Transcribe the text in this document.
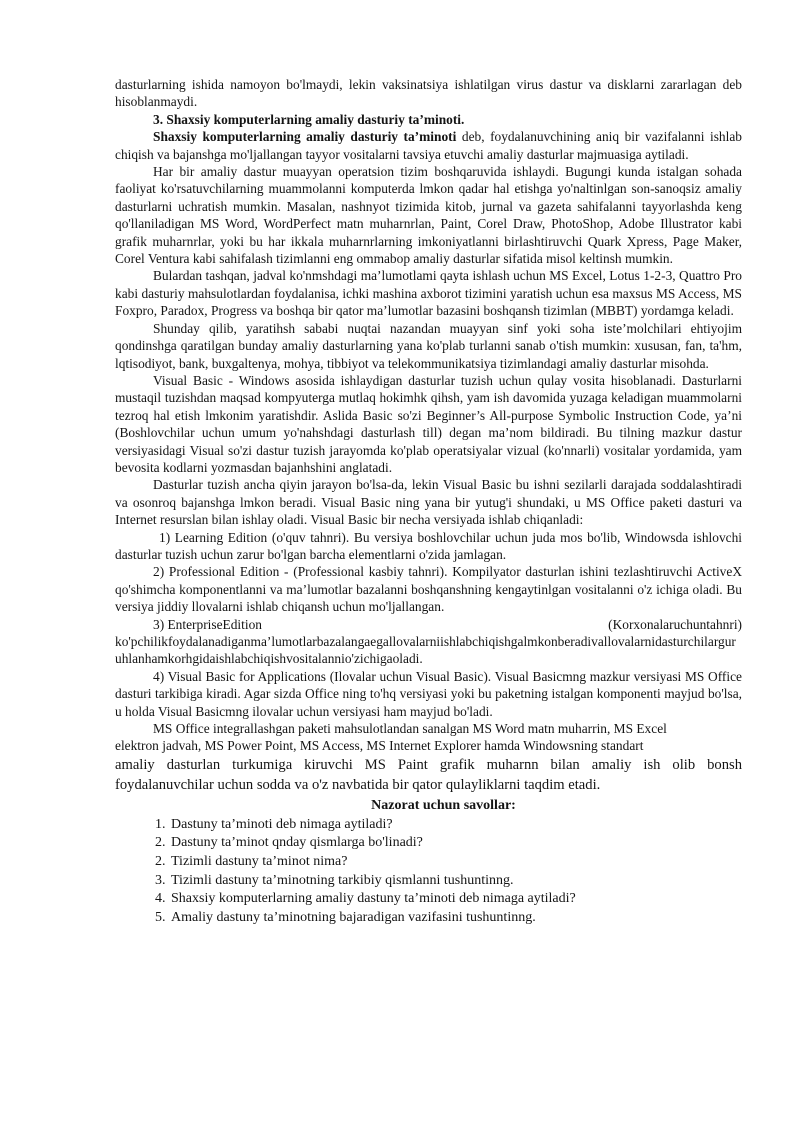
dasturlarning ishida namoyon bo'lmaydi, lekin vaksinatsiya ishlatilgan virus dastur va disklarni zararlagan deb hisoblanmaydi.

3. Shaxsiy komputerlarning amaliy dasturiy ta’minoti.

Shaxsiy komputerlarning amaliy dasturiy ta’minoti deb, foydalanuvchining aniq bir vazifalanni ishlab chiqish va bajanshga mo'ljallangan tayyor vositalarni tavsiya etuvchi amaliy dasturlar majmuasiga aytiladi.

Har bir amaliy dastur muayyan operatsion tizim boshqaruvida ishlaydi. Bugungi kunda istalgan sohada faoliyat ko'rsatuvchilarning muammolanni komputerda lmkon qadar hal etishga yo'naltinlgan son-sanoqsiz amaliy dasturlarni uchratish mumkin. Masalan, nashnyot tizimida kitob, jurnal va gazeta sahifalanni tayyorlashda keng qo'llaniladigan MS Word, WordPerfect matn muharnrlan, Paint, Corel Draw, PhotoShop, Adobe Illustrator kabi grafik muharnrlar, yoki bu har ikkala muharnrlarning imkoniyatlanni birlashtiruvchi Quark Xpress, Page Maker, Corel Ventura kabi sahifalash tizimlanni eng ommabop amaliy dasturlar sifatida misol keltinsh mumkin.

Bulardan tashqan, jadval ko'nmshdagi ma’lumotlami qayta ishlash uchun MS Excel, Lotus 1-2-3, Quattro Pro kabi dasturiy mahsulotlardan foydalanisa, ichki mashina axborot tizimini yaratish uchun esa maxsus MS Access, MS Foxpro, Paradox, Progress va boshqa bir qator ma’lumotlar bazasini boshqansh tizimlan (MBBT) yordamga keladi.

Shunday qilib, yaratihsh sababi nuqtai nazandan muayyan sinf yoki soha iste’molchilari ehtiyojim qondinshga qaratilgan bunday amaliy dasturlarning yana ko'plab turlanni sanab o'tish mumkin: xususan, fan, ta'hm, lqtisodiyot, bank, buxgaltenya, mohya, tibbiyot va telekommunikatsiya tizimlandagi amaliy dasturlar misohda.

Visual Basic - Windows asosida ishlaydigan dasturlar tuzish uchun qulay vosita hisoblanadi. Dasturlarni mustaqil tuzishdan maqsad kompyuterga mutlaq hokimhk qihsh, yam ish davomida yuzaga keladigan muammolarni tezroq hal etish lmkonim yaratishdir. Aslida Basic so'zi Beginner’s All-purpose Symbolic Instruction Code, ya’ni (Boshlovchilar uchun umum yo'nahshdagi dasturlash till) degan ma’nom bildiradi. Bu tilning mazkur dastur versiyasidagi Visual so'zi dastur tuzish jarayomda ko'plab operatsiyalar vizual (ko'nnarli) vositalar yordamida, yam bevosita kodlarni yozmasdan bajanhshini anglatadi.

Dasturlar tuzish ancha qiyin jarayon bo'lsa-da, lekin Visual Basic bu ishni sezilarli darajada soddalashtiradi va osonroq bajanshga lmkon beradi. Visual Basic ning yana bir yutug'i shundaki, u MS Office paketi dasturi va Internet resurslan bilan ishlay oladi. Visual Basic bir necha versiyada ishlab chiqanladi:

1) Learning Edition (o'quv tahnri). Bu versiya boshlovchilar uchun juda mos bo'lib, Windowsda ishlovchi dasturlar tuzish uchun zarur bo'lgan barcha elementlarni o'zida jamlagan.

2) Professional Edition - (Professional kasbiy tahnri). Kompilyator dasturlan ishini tezlashtiruvchi ActiveX qo'shimcha komponentlanni va ma’lumotlar bazalanni boshqanshning kengaytinlgan vositalanni o'z ichiga oladi. Bu versiya jiddiy llovalarni ishlab chiqansh uchun mo'ljallangan.

3) EnterpriseEdition	(Korxonalaruchuntahnri)

ko'pchilikfoydalanadiganma’lumotlarbazalangaegallovalarniishlabchiqishgalmkonberadivallovalarnidasturchilarguruhlanhamkorhgidaishlabchiqishvositalannio'zichigaoladi.

4) Visual Basic for Applications (Ilovalar uchun Visual Basic). Visual Basicmng mazkur versiyasi MS Office dasturi tarkibiga kiradi. Agar sizda Office ning to'hq versiyasi yoki bu paketning istalgan komponenti mayjud bo'lsa, u holda Visual Basicmng ilovalar uchun versiyasi ham mayjud bo'ladi.

MS Office integrallashgan paketi mahsulotlandan sanalgan MS Word matn muharrin, MS Excel

elektron jadvah, MS Power Point, MS Access, MS Internet Explorer hamda Windowsning standart

amaliy dasturlan turkumiga kiruvchi MS Paint grafik muharnn bilan amaliy ish olib bonsh foydalanuvchilar uchun sodda va o'z navbatida bir qator qulayliklarni taqdim etadi.

Nazorat uchun savollar:

1. Dastuny ta’minoti deb nimaga aytiladi?
2. Dastuny ta’minot qnday qismlarga bo'linadi?
2. Tizimli dastuny ta’minot nima?
3. Tizimli dastuny ta’minotning tarkibiy qismlanni tushuntinng.
4. Shaxsiy komputerlarning amaliy dastuny ta’minoti deb nimaga aytiladi?
5. Amaliy dastuny ta’minotning bajaradigan vazifasini tushuntinng.
